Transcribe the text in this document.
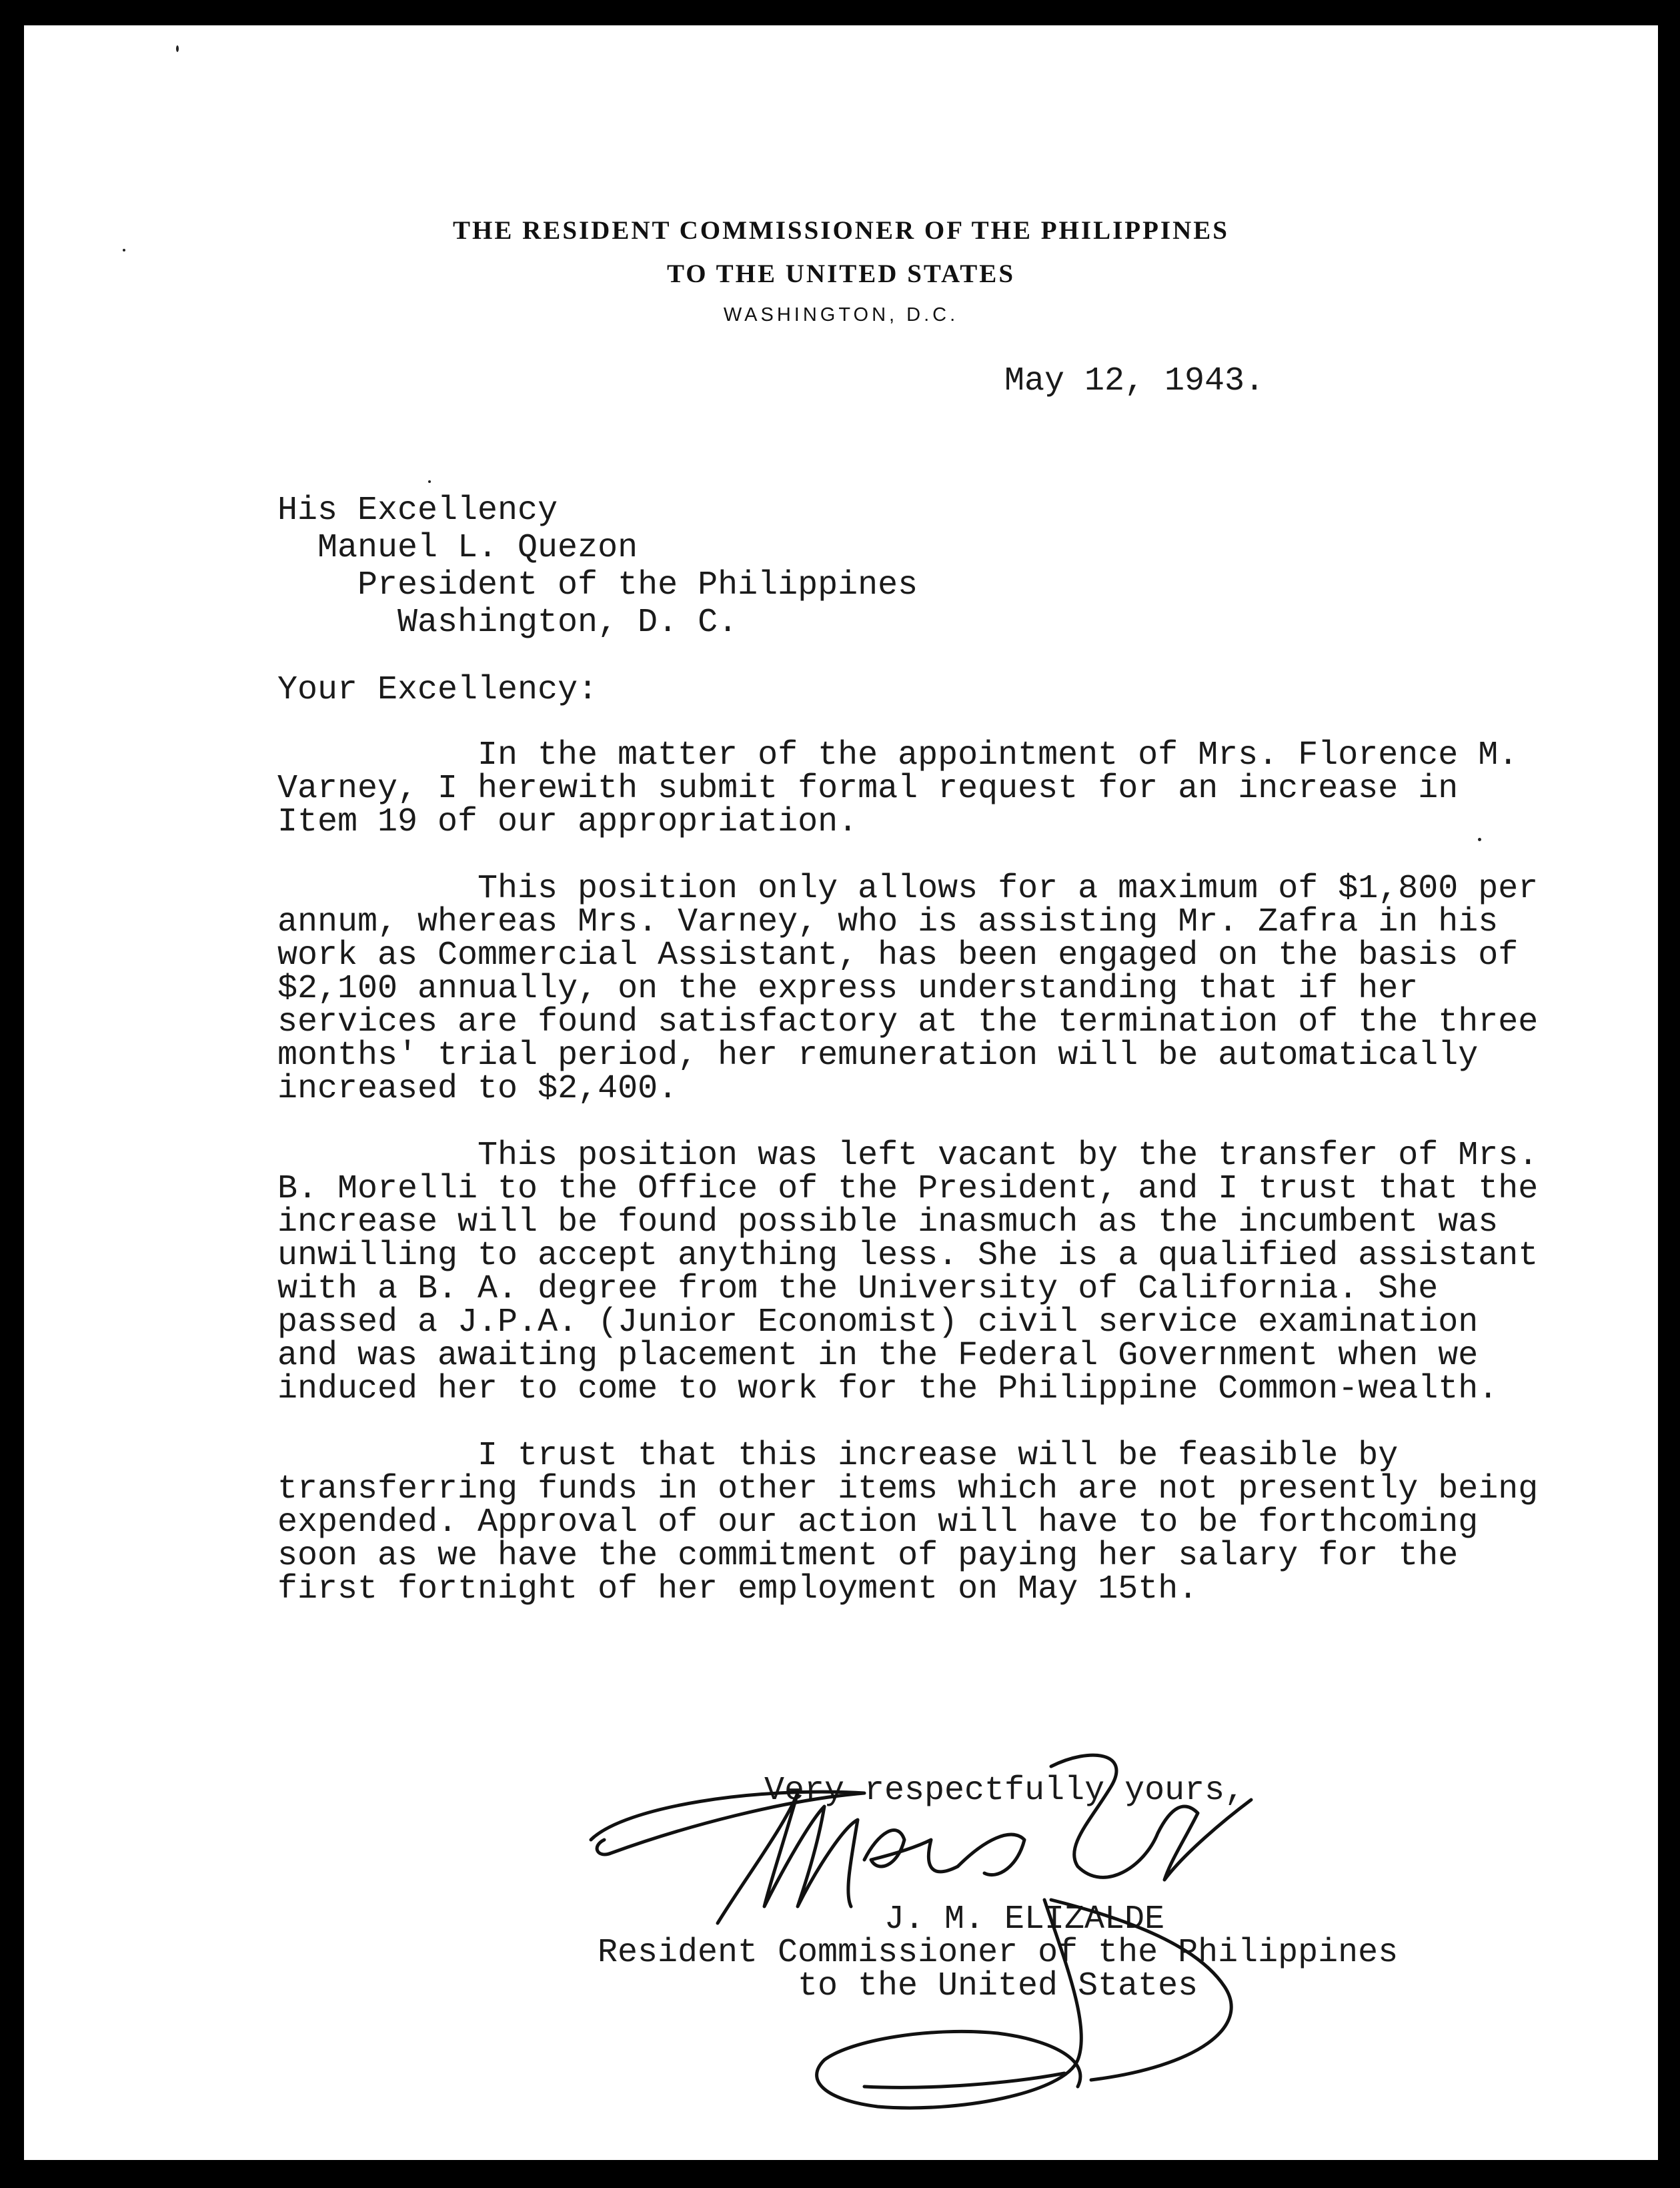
THE RESIDENT COMMISSIONER OF THE PHILIPPINES
TO THE UNITED STATES
WASHINGTON, D.C.
May 12, 1943.
His Excellency
Manuel L. Quezon
President of the Philippines
Washington, D. C.
Your Excellency:

In the matter of the appointment of Mrs. Florence M. Varney, I herewith submit formal request for an increase in Item 19 of our appropriation.

This position only allows for a maximum of $1,800 per annum, whereas Mrs. Varney, who is assisting Mr. Zafra in his work as Commercial Assistant, has been engaged on the basis of $2,100 annually, on the express understanding that if her services are found satisfactory at the termination of the three months' trial period, her remuneration will be automatically increased to $2,400.

This position was left vacant by the transfer of Mrs. B. Morelli to the Office of the President, and I trust that the increase will be found possible inasmuch as the incumbent was unwilling to accept anything less. She is a qualified assistant with a B. A. degree from the University of California. She passed a J.P.A. (Junior Economist) civil service examination and was awaiting placement in the Federal Government when we induced her to come to work for the Philippine Common-wealth.

I trust that this increase will be feasible by transferring funds in other items which are not presently being expended. Approval of our action will have to be forthcoming soon as we have the commitment of paying her salary for the first fortnight of her employment on May 15th.

Very respectfully yours,
J. M. ELIZALDE
Resident Commissioner of the Philippines
to the United States
